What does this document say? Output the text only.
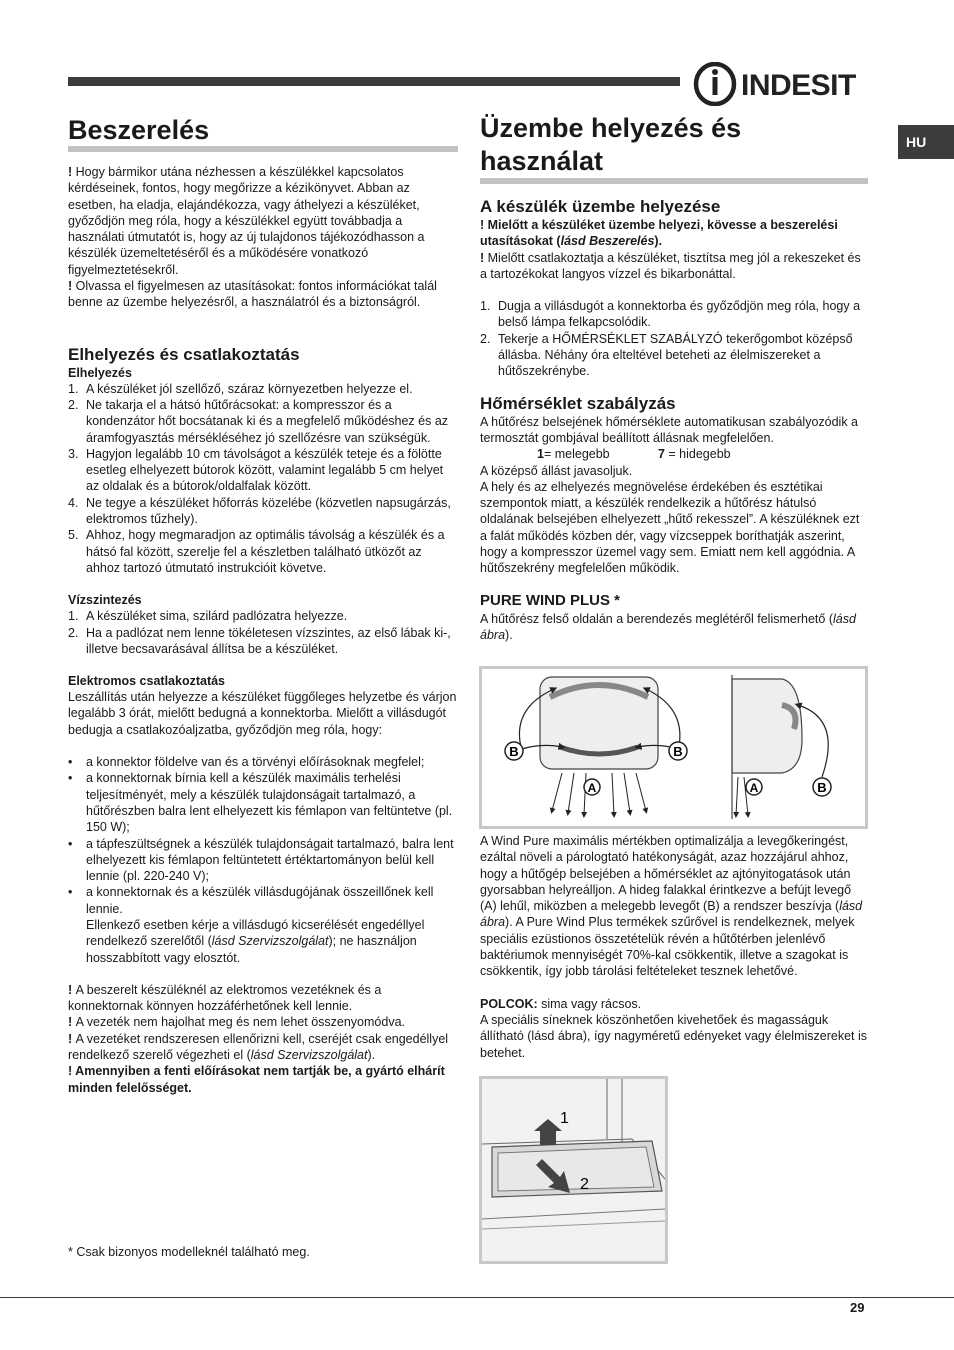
INDESIT
HU
Beszerelés

! Hogy bármikor utána nézhessen a készülékkel kapcsolatos kérdéseinek, fontos, hogy megőrizze a kézikönyvet. Abban az esetben, ha eladja, elajándékozza, vagy áthelyezi a készüléket, győződjön meg róla, hogy a készülékkel együtt továbbadja a használati útmutatót is, hogy az új tulajdonos tájékozódhasson a készülék üzemeltetéséről és a működésére vonatkozó figyelmeztetésekről.

! Olvassa el figyelmesen az utasításokat: fontos információkat talál benne az üzembe helyezésről, a használatról és a biztonságról.

Elhelyezés és csatlakoztatás
Elhelyezés
1. A készüléket jól szellőző, száraz környezetben helyezze el.
2. Ne takarja el a hátsó hűtőrácsokat: a kompresszor és a kondenzátor hőt bocsátanak ki és a megfelelő működéshez és az áramfogyasztás mérsékléséhez jó szellőzésre van szükségük.
3. Hagyjon legalább 10 cm távolságot a készülék teteje és a fölötte esetleg elhelyezett bútorok között, valamint legalább 5 cm helyet az oldalak és a bútorok/oldalfalak között.
4. Ne tegye a készüléket hőforrás közelébe (közvetlen napsugárzás, elektromos tűzhely).
5. Ahhoz, hogy megmaradjon az optimális távolság a készülék és a hátsó fal között, szerelje fel a készletben található ütközőt az ahhoz tartozó útmutató instrukcióit követve.
Vízszintezés
1. A készüléket sima, szilárd padlózatra helyezze.
2. Ha a padlózat nem lenne tökéletesen vízszintes, az első lábak ki-, illetve becsavarásával állítsa be a készüléket.
Elektromos csatlakoztatás

Leszállítás után helyezze a készüléket függőleges helyzetbe és várjon legalább 3 órát, mielőtt bedugná a konnektorba. Mielőtt a villásdugót bedugja a csatlakozóaljzatba, győződjön meg róla, hogy:

• a konnektor földelve van és a törvényi előírásoknak megfelel;
• a konnektornak bírnia kell a készülék maximális terhelési teljesítményét, mely a készülék tulajdonságait tartalmazó, a hűtőrészben balra lent elhelyezett kis fémlapon van feltüntetve (pl. 150 W);
• a tápfeszültségnek a készülék tulajdonságait tartalmazó, balra lent elhelyezett kis fémlapon feltüntetett értéktartományon belül kell lennie (pl. 220-240 V);
• a konnektornak és a készülék villásdugójának összeillőnek kell lennie.
Ellenkező esetben kérje a villásdugó kicserélését engedéllyel rendelkező szerelőtől (lásd Szervizszolgálat); ne használjon hosszabbított vagy elosztót.

! A beszerelt készüléknél az elektromos vezetéknek és a konnektornak könnyen hozzáférhetőnek kell lennie.

! A vezeték nem hajolhat meg és nem lehet összenyomódva.

! A vezetéket rendszeresen ellenőrizni kell, cseréjét csak engedéllyel rendelkező szerelő végezheti el (lásd Szervizszolgálat).

! Amennyiben a fenti előírásokat nem tartják be, a gyártó elhárít minden felelősséget.

* Csak bizonyos modelleknél található meg.
Üzembe helyezés és használat
A készülék üzembe helyezése

! Mielőtt a készüléket üzembe helyezi, kövesse a beszerelési utasításokat (lásd Beszerelés).

! Mielőtt csatlakoztatja a készüléket, tisztítsa meg jól a rekeszeket és a tartozékokat langyos vízzel és bikarbonáttal.

1. Dugja a villásdugót a konnektorba és győződjön meg róla, hogy a belső lámpa felkapcsolódik.
2. Tekerje a HŐMÉRSÉKLET SZABÁLYZÓ tekerőgombot középső állásba. Néhány óra elteltével beteheti az élelmiszereket a hűtőszekrénybe.
Hőmérséklet szabályzás

A hűtőrész belsejének hőmérséklete automatikusan szabályozódik a termosztát gombjával beállított állásnak megfelelően.

1= melegebb	7 = hidegebb

A középső állást javasoljuk.

A hely és az elhelyezés megnövelése érdekében és esztétikai szempontok miatt, a készülék rendelkezik a hűtőrész hátulsó oldalának belsejében elhelyezett „hűtő rekesszel”. A készüléknek ezt a falát működés közben dér, vagy vízcseppek boríthatják aszerint, hogy a kompresszor üzemel vagy sem. Emiatt nem kell aggódnia. A hűtőszekrény megfelelően működik.

PURE WIND PLUS *

A hűtőrész felső oldalán a berendezés meglétéről felismerhető (lásd ábra).

B	B
A	A	B

A Wind Pure maximális mértékben optimalizálja a levegőkeringést, ezáltal növeli a párologtató hatékonyságát, azaz hozzájárul ahhoz, hogy a hűtőgép belsejében a hőmérséklet az ajtónyitogatások után gyorsabban helyreálljon. A hideg falakkal érintkezve a befújt levegő (A) lehűl, miközben a melegebb levegőt (B) a rendszer beszívja (lásd ábra). A Pure Wind Plus termékek szűrővel is rendelkeznek, melyek speciális ezüstionos összetételük révén a hűtőtérben jelenlévő baktériumok mennyiségét 70%-kal csökkentik, illetve a szagokat is csökkentik, így jobb tárolási feltételeket tesznek lehetővé.

POLCOK: sima vagy rácsos.

A speciális síneknek köszönhetően kivehetőek és magasságuk állítható (lásd ábra), így nagyméretű edényeket vagy élelmiszereket is betehet.

1
2
29
